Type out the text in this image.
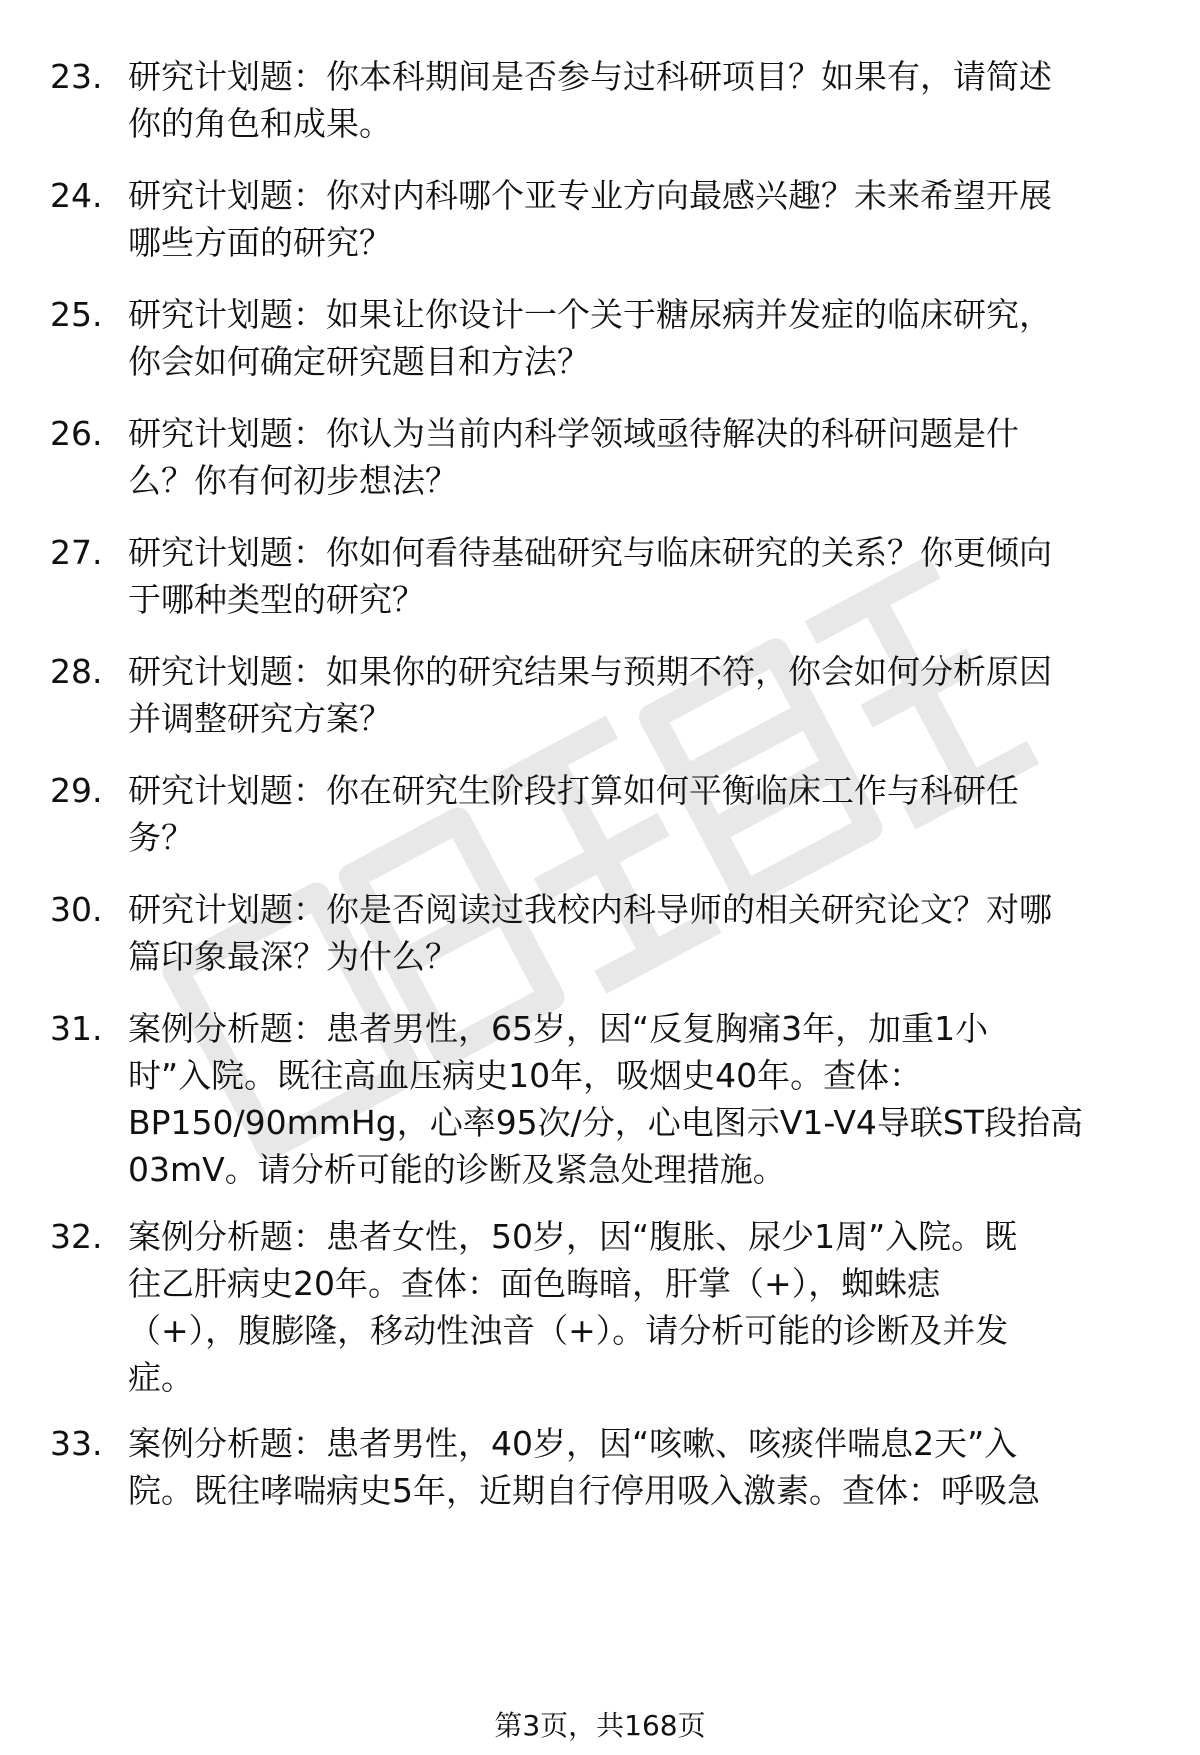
23. 研究计划题：你本科期间是否参与过科研项目？如果有，请简述
你的角色和成果。
24. 研究计划题：你对内科哪个亚专业方向最感兴趣？未来希望开展
哪些方面的研究？
25. 研究计划题：如果让你设计一个关于糖尿病并发症的临床研究，
你会如何确定研究题目和方法？
26. 研究计划题：你认为当前内科学领域亟待解决的科研问题是什
么？你有何初步想法？
27. 研究计划题：你如何看待基础研究与临床研究的关系？你更倾向
于哪种类型的研究？
28. 研究计划题：如果你的研究结果与预期不符，你会如何分析原因
并调整研究方案？
29. 研究计划题：你在研究生阶段打算如何平衡临床工作与科研任
务？
30. 研究计划题：你是否阅读过我校内科导师的相关研究论文？对哪
篇印象最深？为什么？
31. 案例分析题：患者男性，65岁，因“反复胸痛3年，加重1小
时”入院。既往高血压病史10年，吸烟史40年。查体：
BP150/90mmHg，心率95次/分，心电图示V1-V4导联ST段抬高
03mV。请分析可能的诊断及紧急处理措施。
32. 案例分析题：患者女性，50岁，因“腹胀、尿少1周”入院。既
往乙肝病史20年。查体：面色晦暗，肝掌（+），蜘蛛痣
（+），腹膨隆，移动性浊音（+）。请分析可能的诊断及并发
症。
33. 案例分析题：患者男性，40岁，因“咳嗽、咳痰伴喘息2天”入
院。既往哮喘病史5年，近期自行停用吸入激素。查体：呼吸急
第3页，共168页
